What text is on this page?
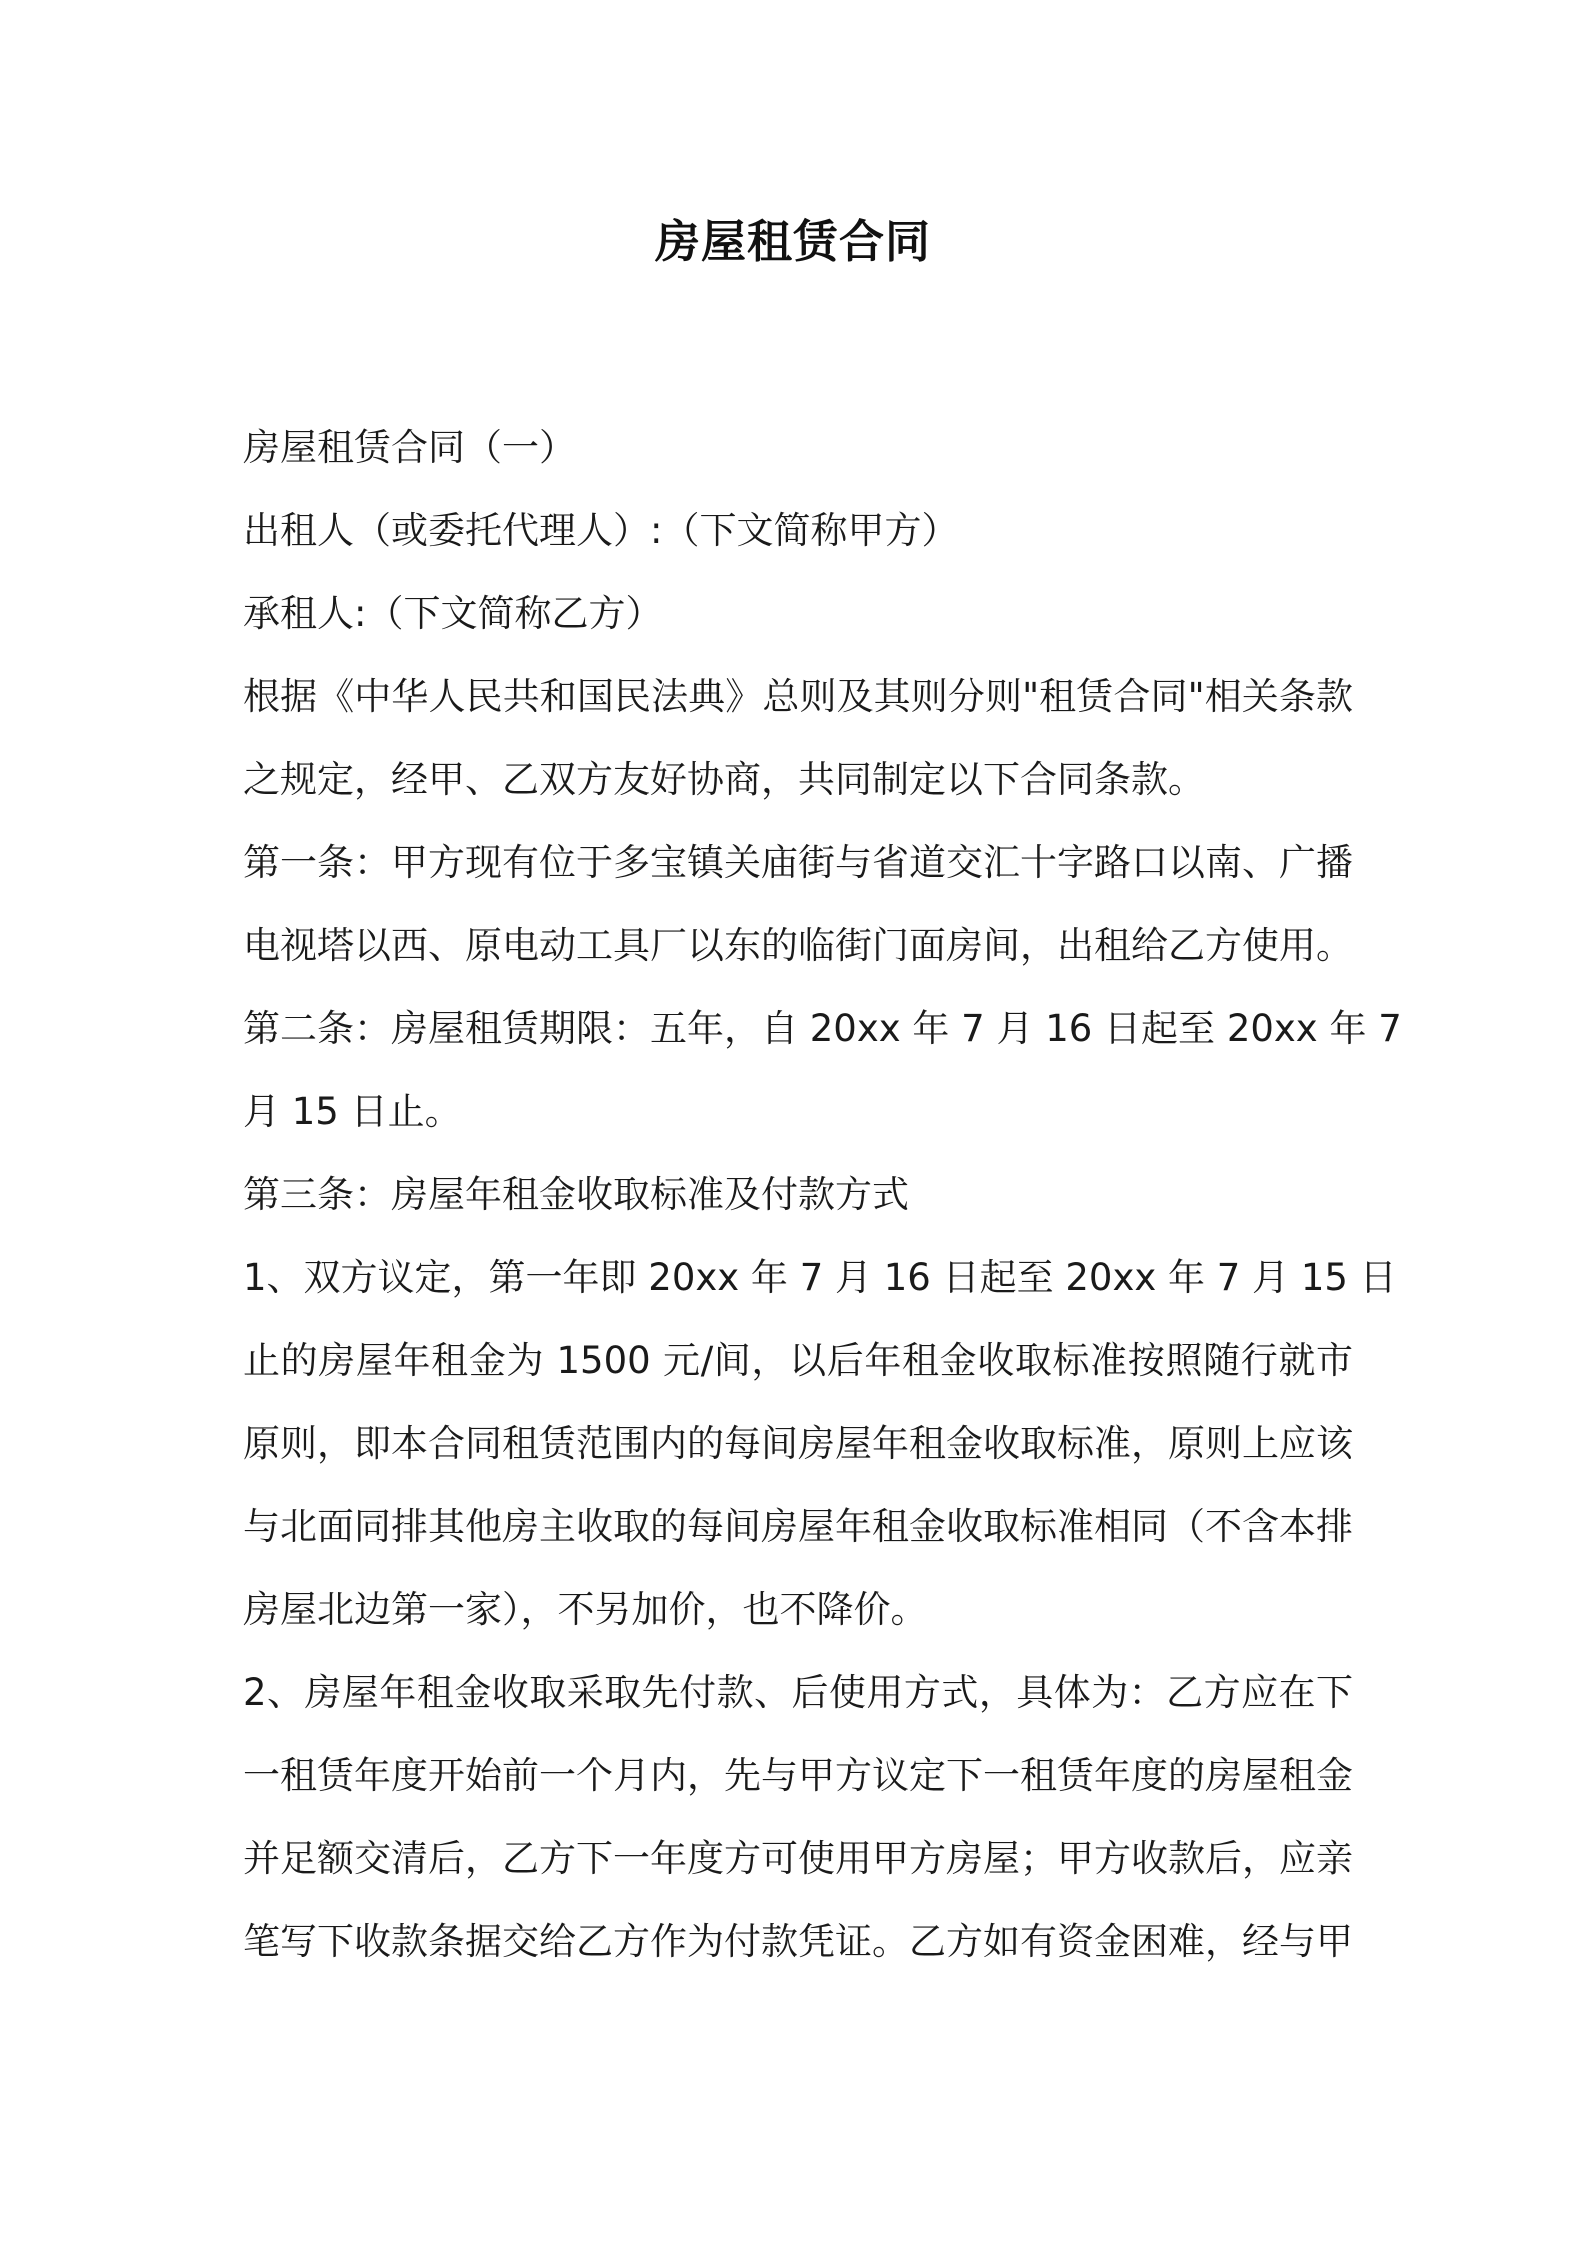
房屋租赁合同
房屋租赁合同（一）
出租人（或委托代理人）:（下文简称甲方）
承租人:（下文简称乙方）
根据《中华人民共和国民法典》总则及其则分则"租赁合同"相关条款
之规定，经甲、乙双方友好协商，共同制定以下合同条款。
第一条：甲方现有位于多宝镇关庙街与省道交汇十字路口以南、广播
电视塔以西、原电动工具厂以东的临街门面房间，出租给乙方使用。
第二条：房屋租赁期限：五年，自 20xx 年 7 月 16 日起至 20xx 年 7
月 15 日止。
第三条：房屋年租金收取标准及付款方式
1、双方议定，第一年即 20xx 年 7 月 16 日起至 20xx 年 7 月 15 日
止的房屋年租金为 1500 元/间，以后年租金收取标准按照随行就市
原则，即本合同租赁范围内的每间房屋年租金收取标准，原则上应该
与北面同排其他房主收取的每间房屋年租金收取标准相同（不含本排
房屋北边第一家），不另加价，也不降价。
2、房屋年租金收取采取先付款、后使用方式，具体为：乙方应在下
一租赁年度开始前一个月内，先与甲方议定下一租赁年度的房屋租金
并足额交清后，乙方下一年度方可使用甲方房屋；甲方收款后，应亲
笔写下收款条据交给乙方作为付款凭证。乙方如有资金困难，经与甲
